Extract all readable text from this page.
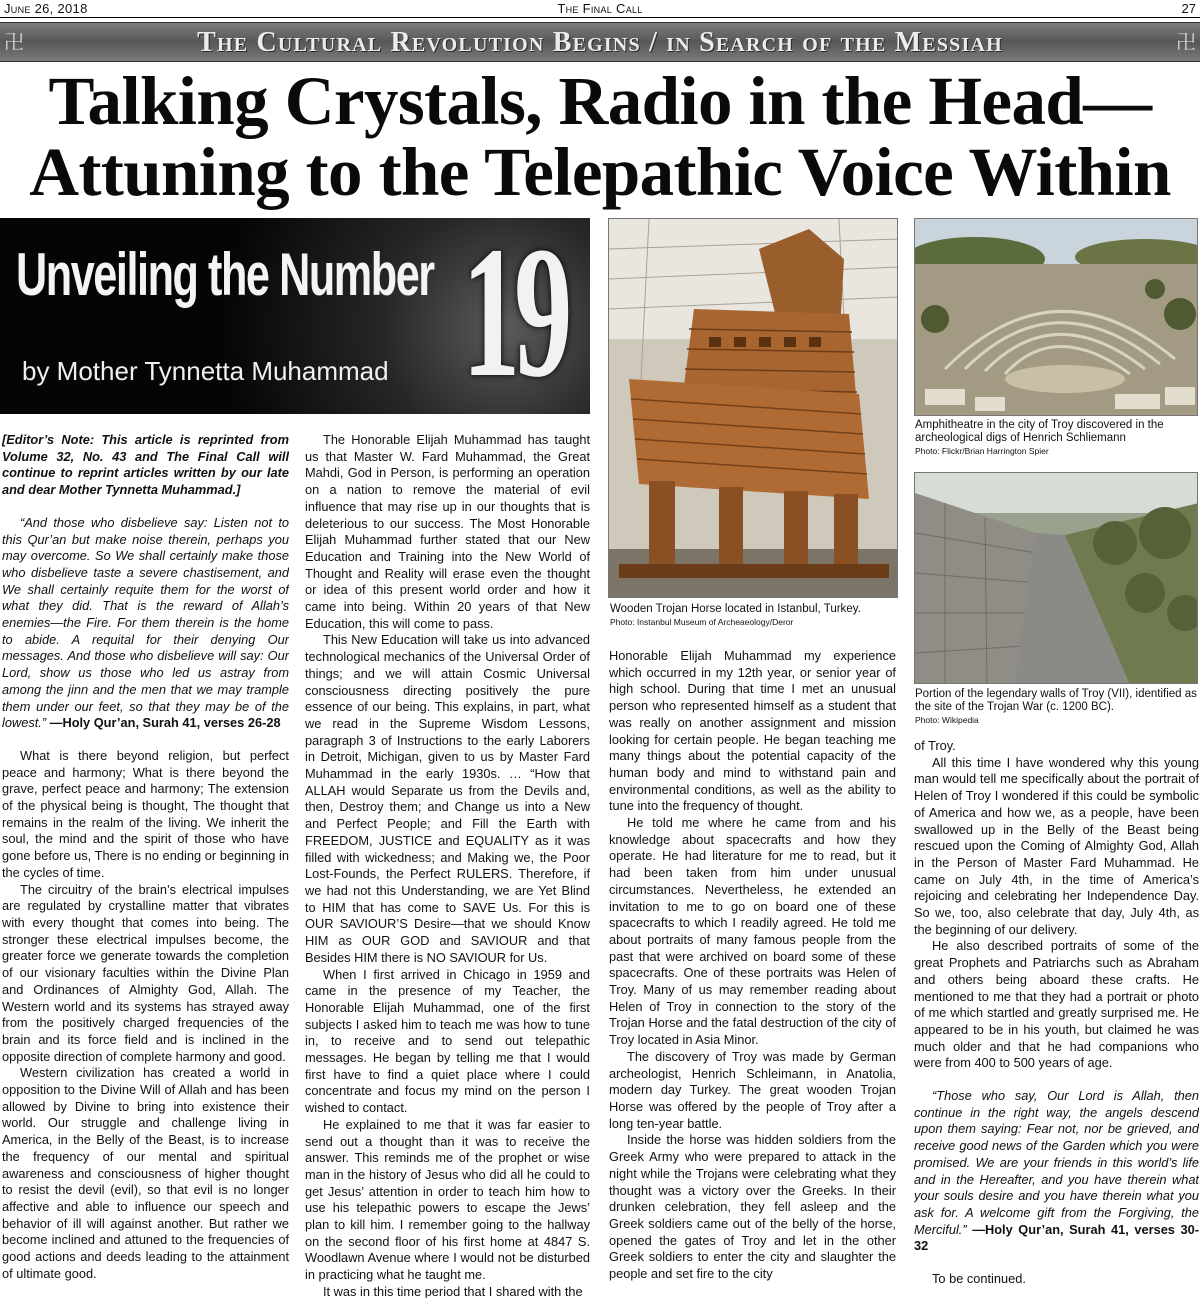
June 26, 2018	The Final Call	27
卍	The Cultural Revolution Begins / in Search of the Messiah	卍
Talking Crystals, Radio in the Head—
Attuning to the Telepathic Voice Within
Unveiling the Number 19
by Mother Tynnetta Muhammad
Wooden Trojan Horse located in Istanbul, Turkey.
Photo: Instanbul Museum of Archeaeology/Deror
Amphitheatre in the city of Troy discovered in the archeological digs of Henrich Schliemann
Photo: Flickr/Brian Harrington Spier
Portion of the legendary walls of Troy (VII), identified as the site of the Trojan War (c. 1200 BC).
Photo: Wikipedia

[Editor’s Note: This article is reprinted from Volume 32, No. 43 and The Final Call will continue to reprint articles written by our late and dear Mother Tynnetta Muhammad.]

“And those who disbelieve say: Listen not to this Qur’an but make noise therein, perhaps you may overcome. So We shall certainly make those who disbelieve taste a severe chastisement, and We shall certainly requite them for the worst of what they did. That is the reward of Allah’s enemies—the Fire. For them therein is the home to abide. A requital for their denying Our messages. And those who disbelieve will say: Our Lord, show us those who led us astray from among the jinn and the men that we may trample them under our feet, so that they may be of the lowest.” —Holy Qur’an, Surah 41, verses 26-28

What is there beyond religion, but perfect peace and harmony; What is there beyond the grave, perfect peace and harmony; The extension of the physical being is thought, The thought that remains in the realm of the living. We inherit the soul, the mind and the spirit of those who have gone before us, There is no ending or beginning in the cycles of time.

The circuitry of the brain’s electrical impulses are regulated by crystalline matter that vibrates with every thought that comes into being. The stronger these electrical impulses become, the greater force we generate towards the completion of our visionary faculties within the Divine Plan and Ordinances of Almighty God, Allah. The Western world and its systems has strayed away from the positively charged frequencies of the brain and its force field and is inclined in the opposite direction of complete harmony and good.

Western civilization has created a world in opposition to the Divine Will of Allah and has been allowed by Divine to bring into existence their world. Our struggle and challenge living in America, in the Belly of the Beast, is to increase the frequency of our mental and spiritual awareness and consciousness of higher thought to resist the devil (evil), so that evil is no longer affective and able to influence our speech and behavior of ill will against another. But rather we become inclined and attuned to the frequencies of good actions and deeds leading to the attainment of ultimate good.

The Honorable Elijah Muhammad has taught us that Master W. Fard Muhammad, the Great Mahdi, God in Person, is performing an operation on a nation to remove the material of evil influence that may rise up in our thoughts that is deleterious to our success. The Most Honorable Elijah Muhammad further stated that our New Education and Training into the New World of Thought and Reality will erase even the thought or idea of this present world order and how it came into being. Within 20 years of that New Education, this will come to pass.

This New Education will take us into advanced technological mechanics of the Universal Order of things; and we will attain Cosmic Universal consciousness directing positively the pure essence of our being. This explains, in part, what we read in the Supreme Wisdom Lessons, paragraph 3 of Instructions to the early Laborers in Detroit, Michigan, given to us by Master Fard Muhammad in the early 1930s. … “How that ALLAH would Separate us from the Devils and, then, Destroy them; and Change us into a New and Perfect People; and Fill the Earth with FREEDOM, JUSTICE and EQUALITY as it was filled with wickedness; and Making we, the Poor Lost-Founds, the Perfect RULERS. Therefore, if we had not this Understanding, we are Yet Blind to HIM that has come to SAVE Us. For this is OUR SAVIOUR’S Desire—that we should Know HIM as OUR GOD and SAVIOUR and that Besides HIM there is NO SAVIOUR for Us.

When I first arrived in Chicago in 1959 and came in the presence of my Teacher, the Honorable Elijah Muhammad, one of the first subjects I asked him to teach me was how to tune in, to receive and to send out telepathic messages. He began by telling me that I would first have to find a quiet place where I could concentrate and focus my mind on the person I wished to contact.

He explained to me that it was far easier to send out a thought than it was to receive the answer. This reminds me of the prophet or wise man in the history of Jesus who did all he could to get Jesus’ attention in order to teach him how to use his telepathic powers to escape the Jews’ plan to kill him. I remember going to the hallway on the second floor of his first home at 4847 S. Woodlawn Avenue where I would not be disturbed in practicing what he taught me.

It was in this time period that I shared with the

Honorable Elijah Muhammad my experience which occurred in my 12th year, or senior year of high school. During that time I met an unusual person who represented himself as a student that was really on another assignment and mission looking for certain people. He began teaching me many things about the potential capacity of the human body and mind to withstand pain and environmental conditions, as well as the ability to tune into the frequency of thought.

He told me where he came from and his knowledge about spacecrafts and how they operate. He had literature for me to read, but it had been taken from him under unusual circumstances. Nevertheless, he extended an invitation to me to go on board one of these spacecrafts to which I readily agreed. He told me about portraits of many famous people from the past that were archived on board some of these spacecrafts. One of these portraits was Helen of Troy. Many of us may remember reading about Helen of Troy in connection to the story of the Trojan Horse and the fatal destruction of the city of Troy located in Asia Minor.

The discovery of Troy was made by German archeologist, Henrich Schleimann, in Anatolia, modern day Turkey. The great wooden Trojan Horse was offered by the people of Troy after a long ten-year battle.

Inside the horse was hidden soldiers from the Greek Army who were prepared to attack in the night while the Trojans were celebrating what they thought was a victory over the Greeks. In their drunken celebration, they fell asleep and the Greek soldiers came out of the belly of the horse, opened the gates of Troy and let in the other Greek soldiers to enter the city and slaughter the people and set fire to the city

of Troy.

All this time I have wondered why this young man would tell me specifically about the portrait of Helen of Troy I wondered if this could be symbolic of America and how we, as a people, have been swallowed up in the Belly of the Beast being rescued upon the Coming of Almighty God, Allah in the Person of Master Fard Muhammad. He came on July 4th, in the time of America’s rejoicing and celebrating her Independence Day. So we, too, also celebrate that day, July 4th, as the beginning of our delivery.

He also described portraits of some of the great Prophets and Patriarchs such as Abraham and others being aboard these crafts. He mentioned to me that they had a portrait or photo of me which startled and greatly surprised me. He appeared to be in his youth, but claimed he was much older and that he had companions who were from 400 to 500 years of age.

“Those who say, Our Lord is Allah, then continue in the right way, the angels descend upon them saying: Fear not, nor be grieved, and receive good news of the Garden which you were promised. We are your friends in this world’s life and in the Hereafter, and you have therein what your souls desire and you have therein what you ask for. A welcome gift from the Forgiving, the Merciful.” —Holy Qur’an, Surah 41, verses 30-32

To be continued.
